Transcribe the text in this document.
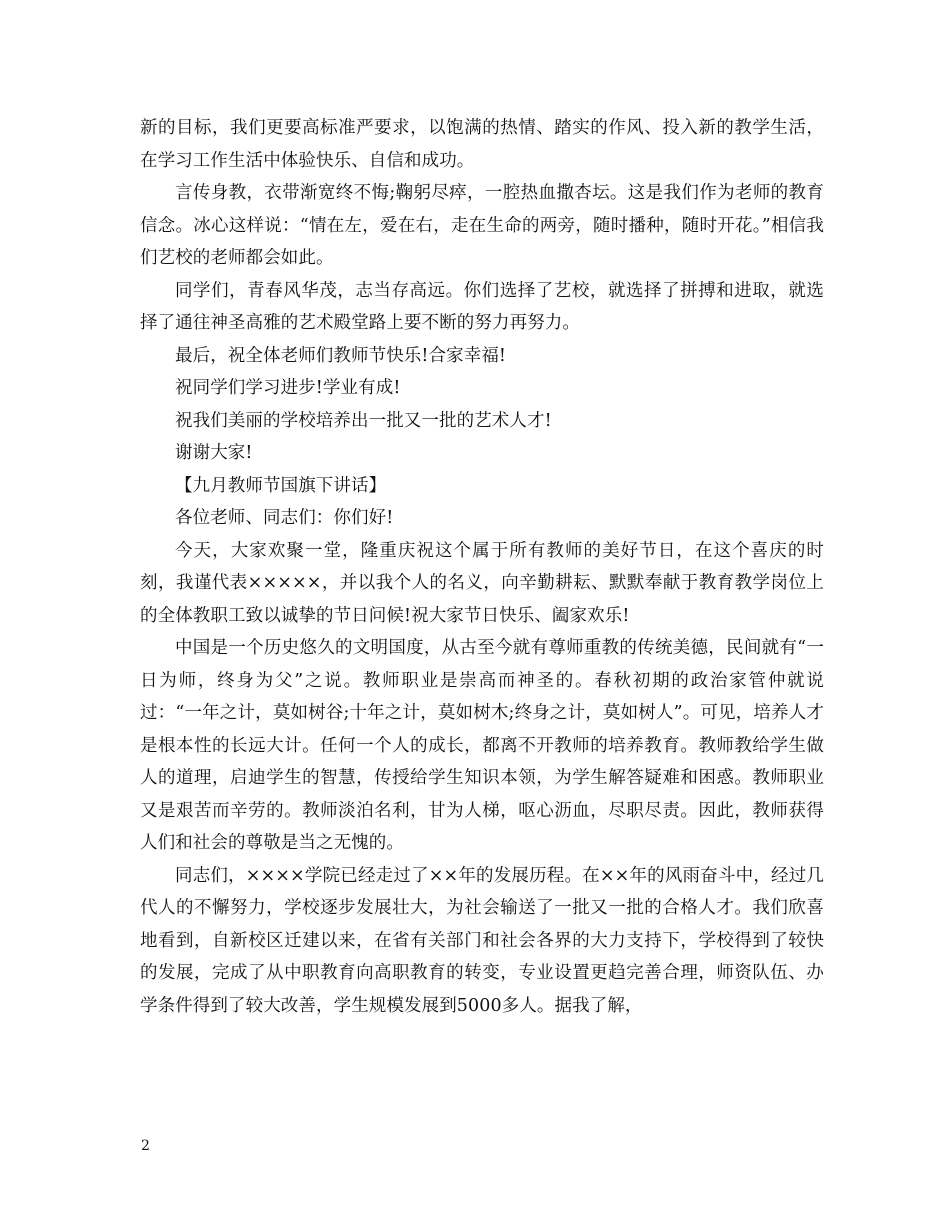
新的目标，我们更要高标准严要求，以饱满的热情、踏实的作风、投入新的教学生活，在学习工作生活中体验快乐、自信和成功。

言传身教，衣带渐宽终不悔;鞠躬尽瘁，一腔热血撒杏坛。这是我们作为老师的教育信念。冰心这样说：“情在左，爱在右，走在生命的两旁，随时播种，随时开花。”相信我们艺校的老师都会如此。

同学们，青春风华茂，志当存高远。你们选择了艺校，就选择了拼搏和进取，就选择了通往神圣高雅的艺术殿堂路上要不断的努力再努力。

最后，祝全体老师们教师节快乐!合家幸福!

祝同学们学习进步!学业有成!

祝我们美丽的学校培养出一批又一批的艺术人才!

谢谢大家!

【九月教师节国旗下讲话】

各位老师、同志们：你们好!

今天，大家欢聚一堂，隆重庆祝这个属于所有教师的美好节日，在这个喜庆的时刻，我谨代表×××××，并以我个人的名义，向辛勤耕耘、默默奉献于教育教学岗位上的全体教职工致以诚挚的节日问候!祝大家节日快乐、阖家欢乐!

中国是一个历史悠久的文明国度，从古至今就有尊师重教的传统美德，民间就有“一日为师，终身为父”之说。教师职业是崇高而神圣的。春秋初期的政治家管仲就说过：“一年之计，莫如树谷;十年之计，莫如树木;终身之计，莫如树人”。可见，培养人才是根本性的长远大计。任何一个人的成长，都离不开教师的培养教育。教师教给学生做人的道理，启迪学生的智慧，传授给学生知识本领，为学生解答疑难和困惑。教师职业又是艰苦而辛劳的。教师淡泊名利，甘为人梯，呕心沥血，尽职尽责。因此，教师获得人们和社会的尊敬是当之无愧的。

同志们，××××学院已经走过了××年的发展历程。在××年的风雨奋斗中，经过几代人的不懈努力，学校逐步发展壮大，为社会输送了一批又一批的合格人才。我们欣喜地看到，自新校区迁建以来，在省有关部门和社会各界的大力支持下，学校得到了较快的发展，完成了从中职教育向高职教育的转变，专业设置更趋完善合理，师资队伍、办学条件得到了较大改善，学生规模发展到5000多人。据我了解，

2
